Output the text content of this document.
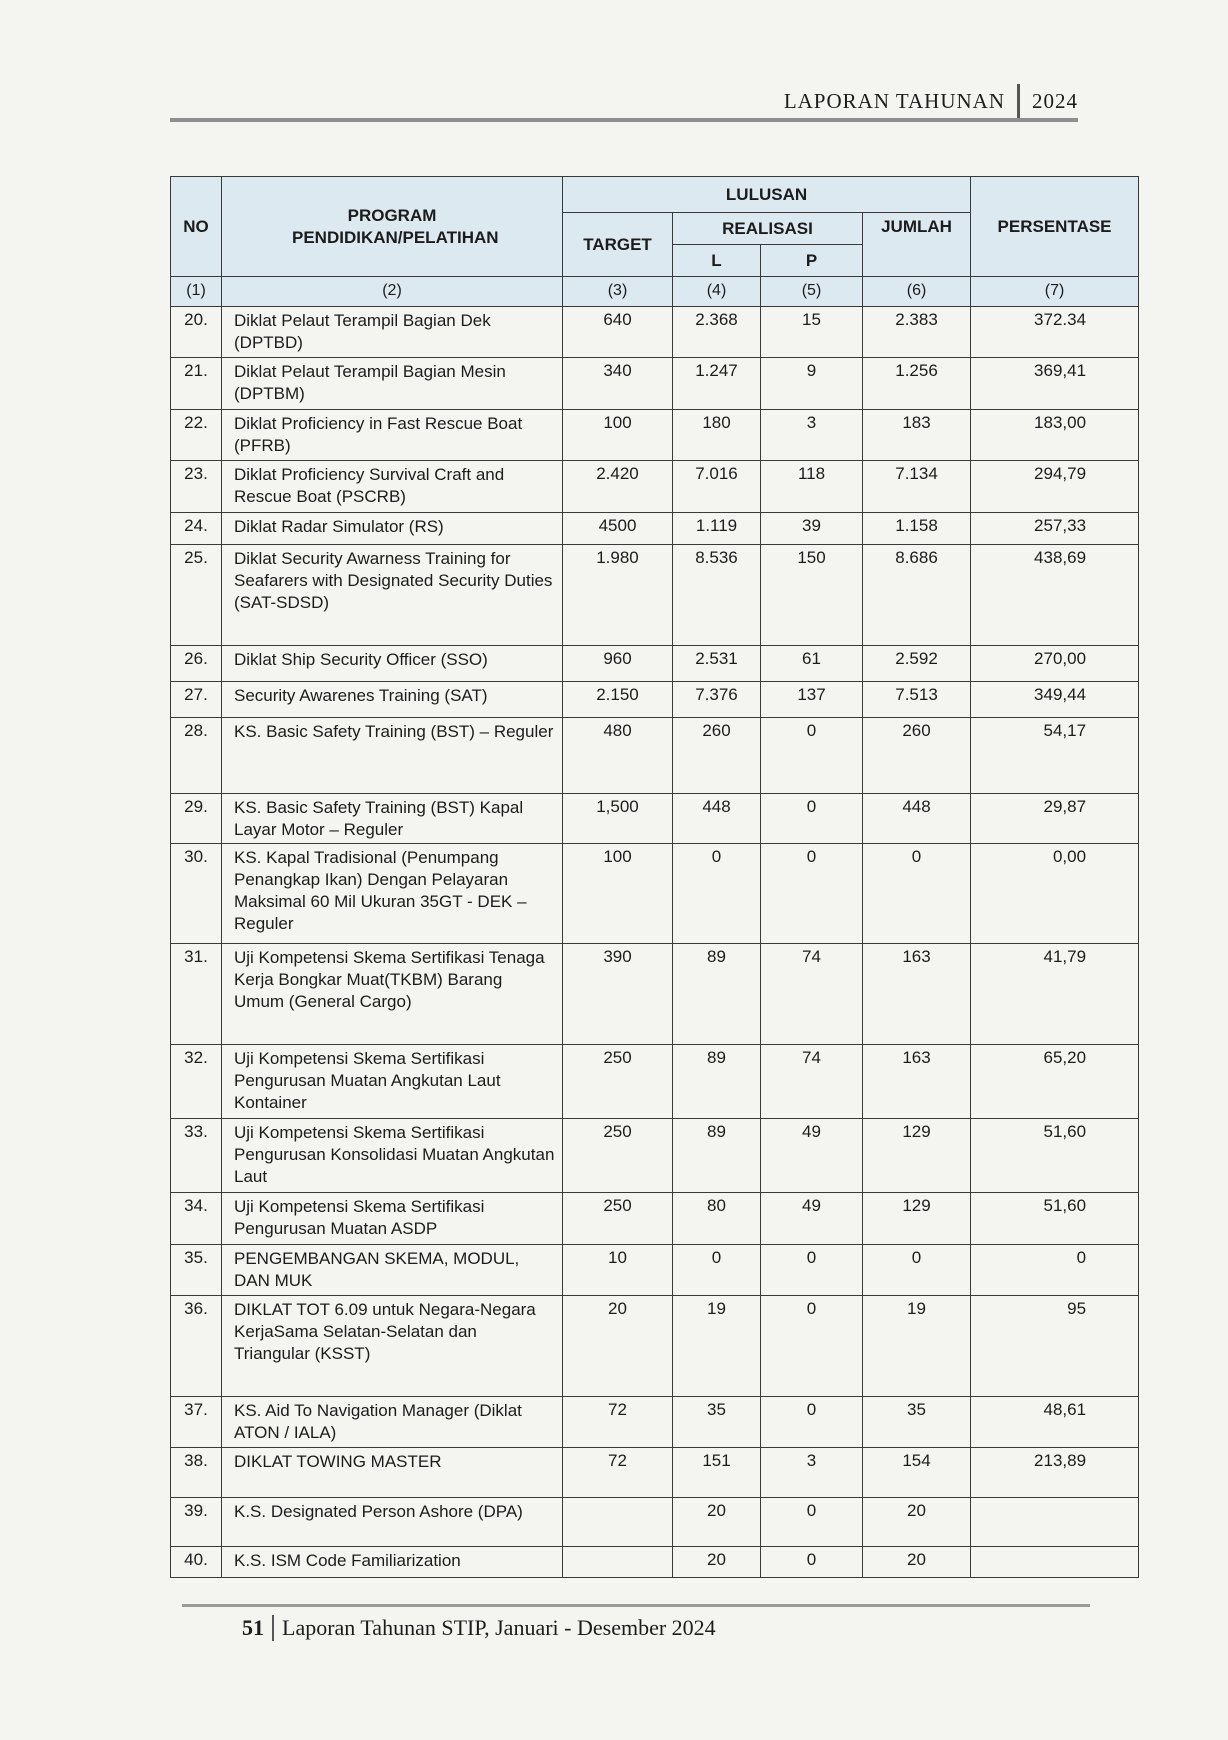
LAPORAN TAHUNAN	2024
NO	PROGRAM PENDIDIKAN/PELATIHAN	LULUSAN				PERSENTASE
		TARGET	REALISASI		JUMLAH	
			L	P		
(1)	(2)	(3)	(4)	(5)	(6)	(7)
20.	Diklat Pelaut Terampil Bagian Dek (DPTBD)	640	2.368	15	2.383	372.34
21.	Diklat Pelaut Terampil Bagian Mesin (DPTBM)	340	1.247	9	1.256	369,41
22.	Diklat Proficiency in Fast Rescue Boat (PFRB)	100	180	3	183	183,00
23.	Diklat Proficiency Survival Craft and Rescue Boat (PSCRB)	2.420	7.016	118	7.134	294,79
24.	Diklat Radar Simulator (RS)	4500	1.119	39	1.158	257,33
25.	Diklat Security Awarness Training for Seafarers with Designated Security Duties (SAT-SDSD)	1.980	8.536	150	8.686	438,69
26.	Diklat Ship Security Officer (SSO)	960	2.531	61	2.592	270,00
27.	Security Awarenes Training (SAT)	2.150	7.376	137	7.513	349,44
28.	KS. Basic Safety Training (BST) – Reguler	480	260	0	260	54,17
29.	KS. Basic Safety Training (BST) Kapal Layar Motor – Reguler	1,500	448	0	448	29,87
30.	KS. Kapal Tradisional (Penumpang Penangkap Ikan) Dengan Pelayaran Maksimal 60 Mil Ukuran 35GT - DEK – Reguler	100	0	0	0	0,00
31.	Uji Kompetensi Skema Sertifikasi Tenaga Kerja Bongkar Muat(TKBM) Barang Umum (General Cargo)	390	89	74	163	41,79
32.	Uji Kompetensi Skema Sertifikasi Pengurusan Muatan Angkutan Laut Kontainer	250	89	74	163	65,20
33.	Uji Kompetensi Skema Sertifikasi Pengurusan Konsolidasi Muatan Angkutan Laut	250	89	49	129	51,60
34.	Uji Kompetensi Skema Sertifikasi Pengurusan Muatan ASDP	250	80	49	129	51,60
35.	PENGEMBANGAN SKEMA, MODUL, DAN MUK	10	0	0	0	0
36.	DIKLAT TOT 6.09 untuk Negara-Negara KerjaSama Selatan-Selatan dan Triangular (KSST)	20	19	0	19	95
37.	KS. Aid To Navigation Manager (Diklat ATON / IALA)	72	35	0	35	48,61
38.	DIKLAT TOWING MASTER	72	151	3	154	213,89
39.	K.S. Designated Person Ashore (DPA)		20	0	20	
40.	K.S. ISM Code Familiarization		20	0	20	
51 Laporan Tahunan STIP, Januari - Desember 2024
